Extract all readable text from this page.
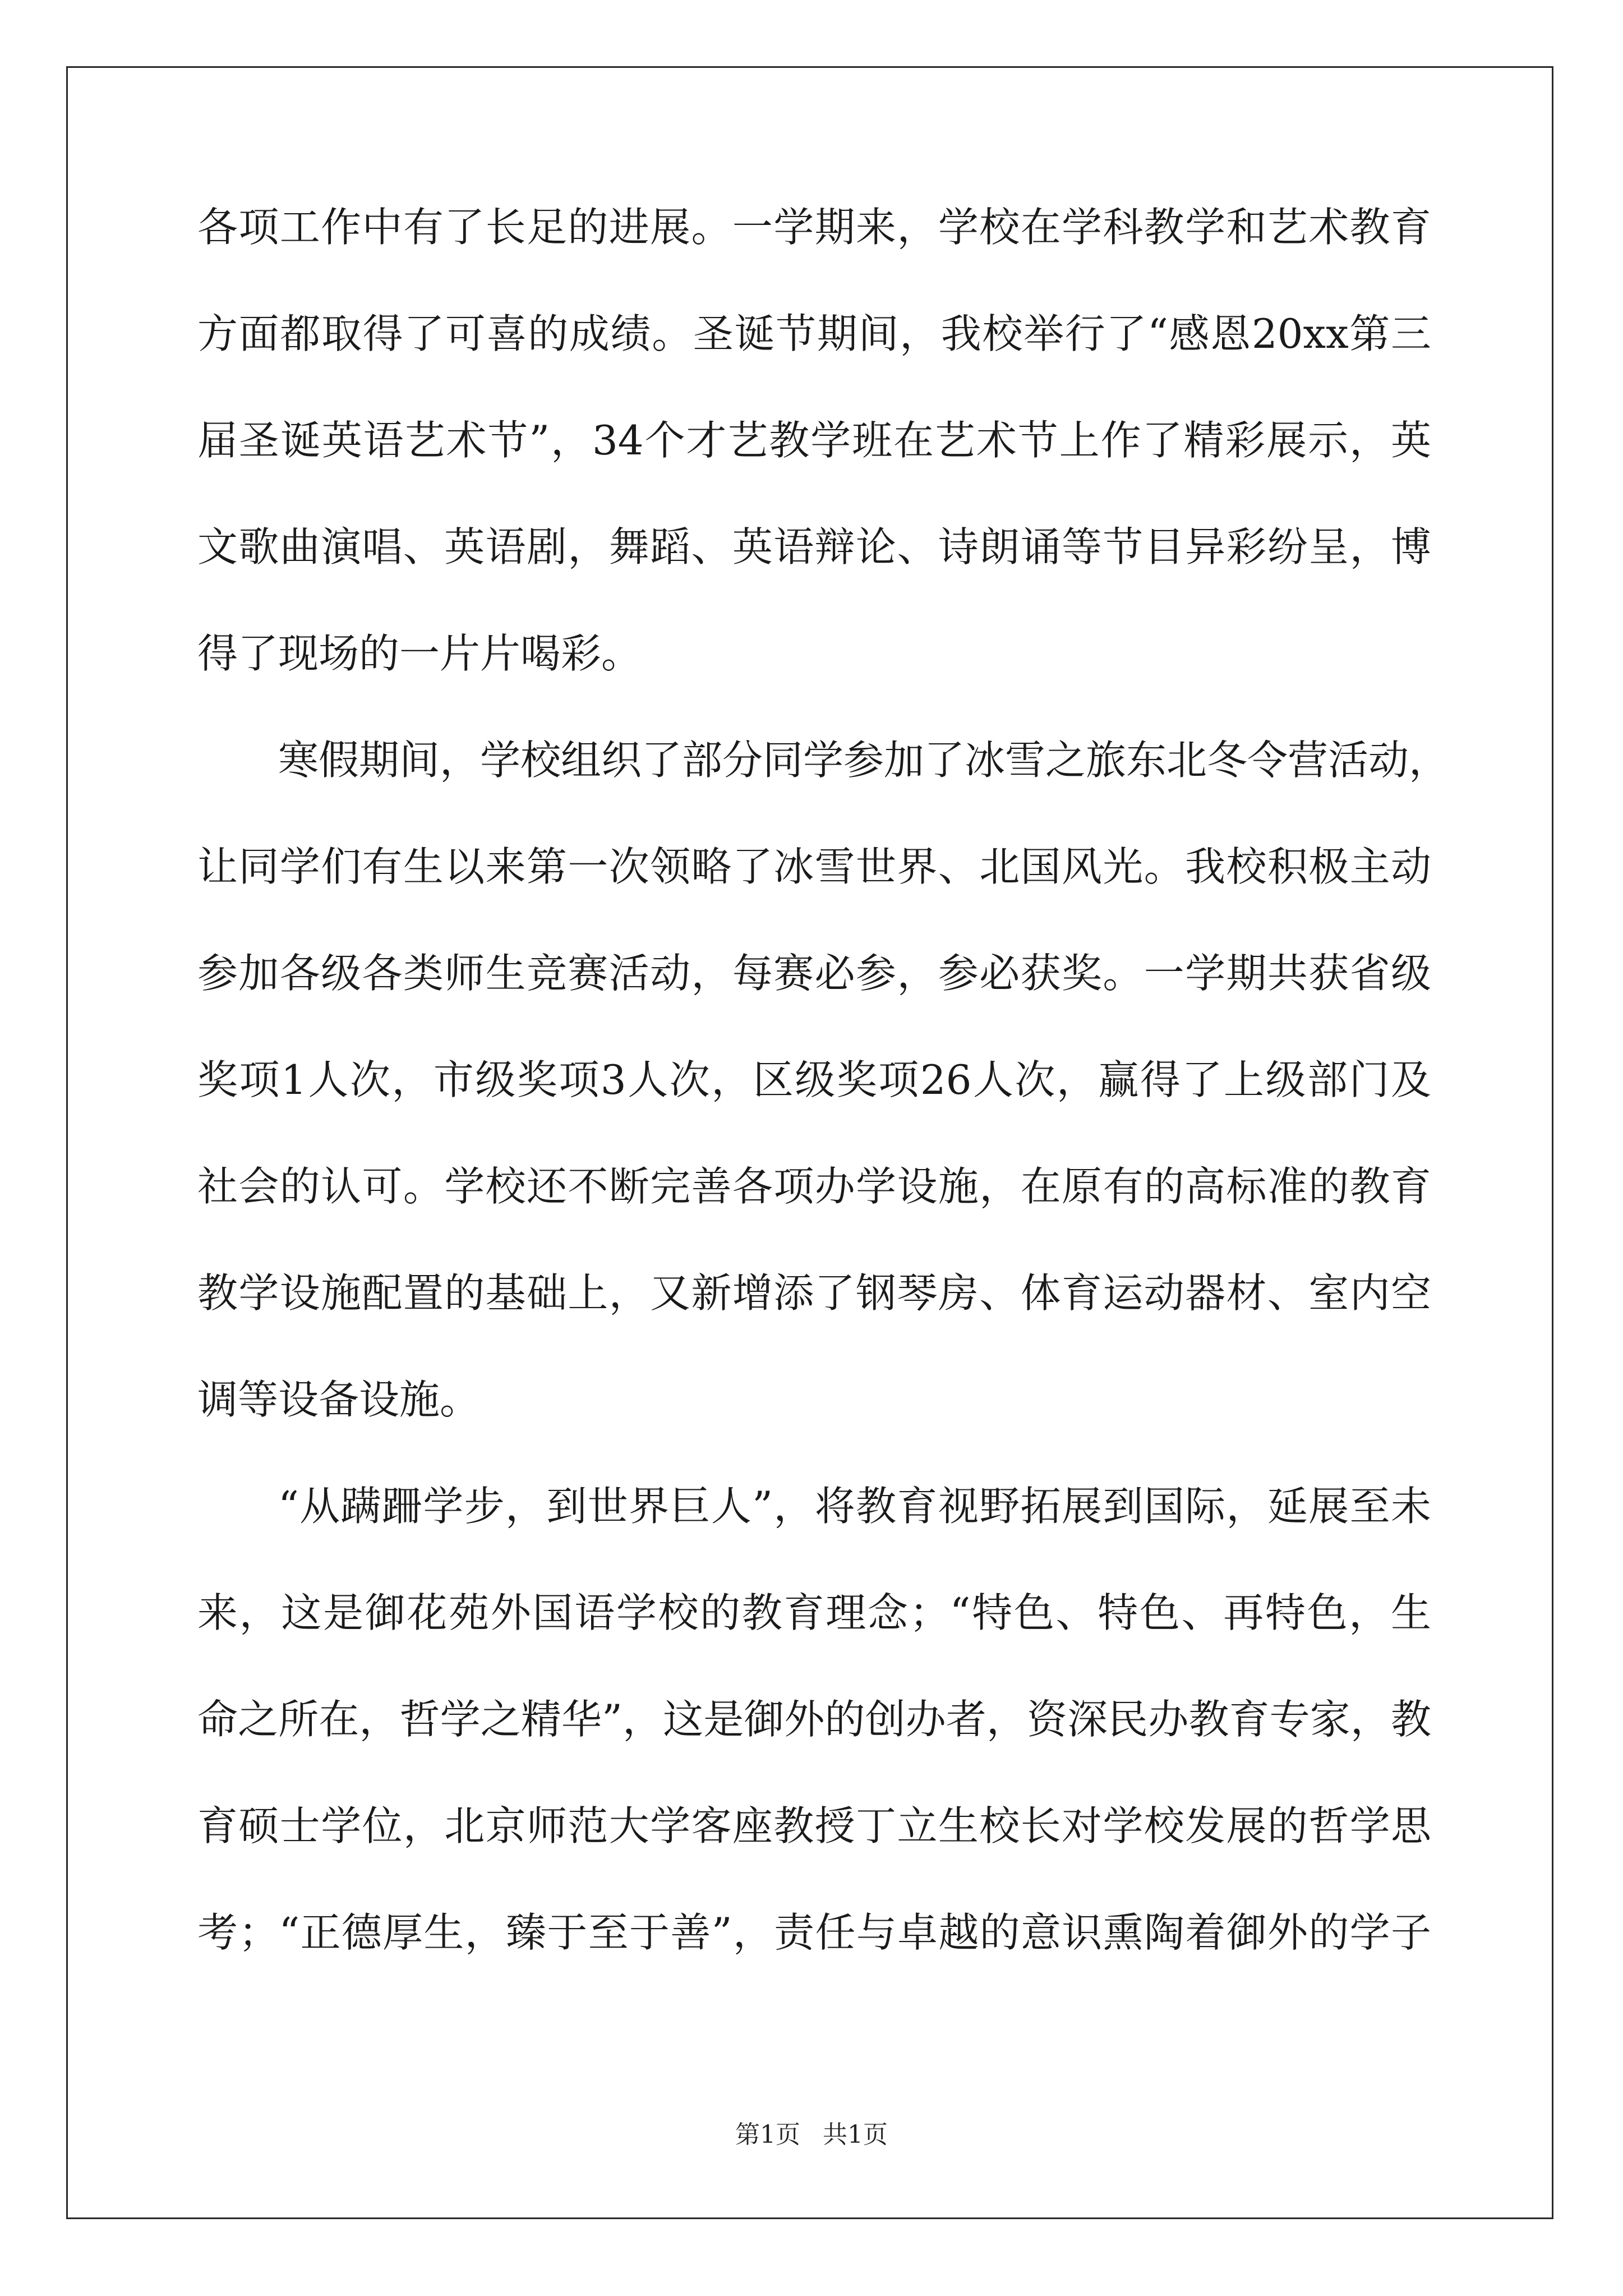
各项工作中有了长足的进展。一学期来，学校在学科教学和艺术教育
方面都取得了可喜的成绩。圣诞节期间，我校举行了“感恩20xx第三
届圣诞英语艺术节”，34个才艺教学班在艺术节上作了精彩展示，英
文歌曲演唱、英语剧，舞蹈、英语辩论、诗朗诵等节目异彩纷呈，博
得了现场的一片片喝彩。
寒假期间，学校组织了部分同学参加了冰雪之旅东北冬令营活动，
让同学们有生以来第一次领略了冰雪世界、北国风光。我校积极主动
参加各级各类师生竞赛活动，每赛必参，参必获奖。一学期共获省级
奖项1人次，市级奖项3人次，区级奖项26人次，赢得了上级部门及
社会的认可。学校还不断完善各项办学设施，在原有的高标准的教育
教学设施配置的基础上，又新增添了钢琴房、体育运动器材、室内空
调等设备设施。
“从蹒跚学步，到世界巨人”，将教育视野拓展到国际，延展至未
来，这是御花苑外国语学校的教育理念；“特色、特色、再特色，生
命之所在，哲学之精华”，这是御外的创办者，资深民办教育专家，教
育硕士学位，北京师范大学客座教授丁立生校长对学校发展的哲学思
考；“正德厚生，臻于至于善”，责任与卓越的意识熏陶着御外的学子
第1页 共1页
